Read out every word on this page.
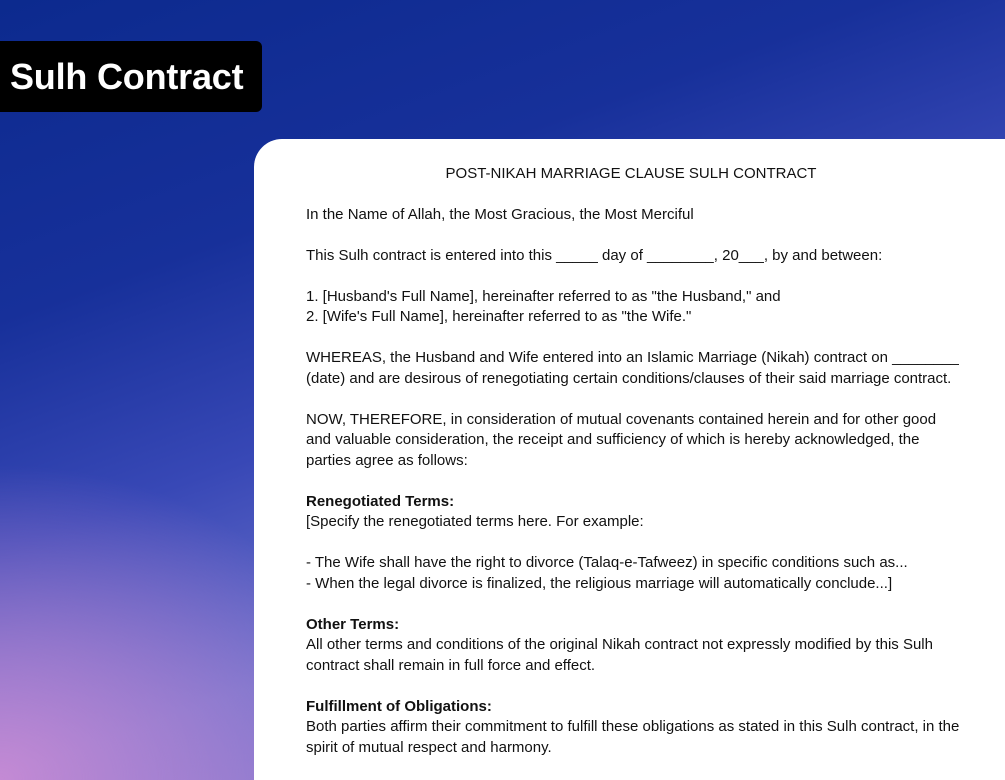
Sulh Contract

POST-NIKAH MARRIAGE CLAUSE SULH CONTRACT

In the Name of Allah, the Most Gracious, the Most Merciful

This Sulh contract is entered into this _____ day of ________, 20___, by and between:

1. [Husband's Full Name], hereinafter referred to as "the Husband," and
2. [Wife's Full Name], hereinafter referred to as "the Wife."

WHEREAS, the Husband and Wife entered into an Islamic Marriage (Nikah) contract on ________ (date) and are desirous of renegotiating certain conditions/clauses of their said marriage contract.

NOW, THEREFORE, in consideration of mutual covenants contained herein and for other good and valuable consideration, the receipt and sufficiency of which is hereby acknowledged, the parties agree as follows:

Renegotiated Terms:
[Specify the renegotiated terms here. For example:

- The Wife shall have the right to divorce (Talaq-e-Tafweez) in specific conditions such as...
- When the legal divorce is finalized, the religious marriage will automatically conclude...]

Other Terms:
All other terms and conditions of the original Nikah contract not expressly modified by this Sulh contract shall remain in full force and effect.

Fulfillment of Obligations:
Both parties affirm their commitment to fulfill these obligations as stated in this Sulh contract, in the spirit of mutual respect and harmony.
